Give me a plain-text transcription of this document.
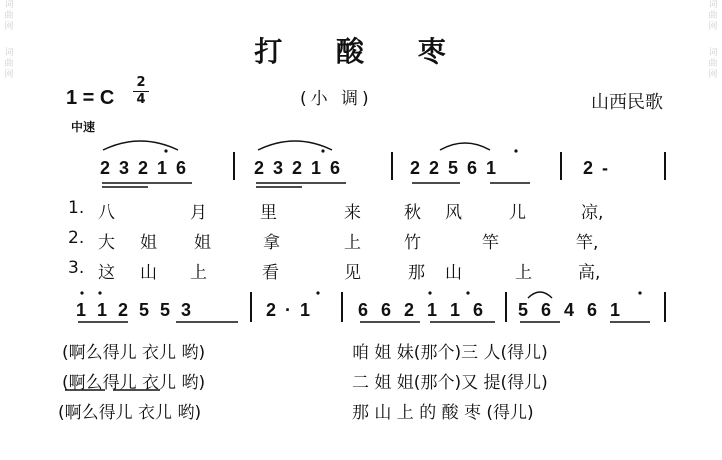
词曲网
词曲网
词曲网
词曲网
打 酸 枣
1 = C
2
4	(小 调)	山西民歌
中速
2 3 2 1 6	2 3 2 1 6	2 2 5 6 1	2 -
1. 八	月	里	来	秋 风	儿	凉,
2. 大 姐 姐	拿	上	竹	竿	竿,
3. 这 山 上	看	见	那 山	上	高,
1 1 2 5 5 3	2 · 1	6 6 2 1 1 6 5 6 4 6 1
(啊么得儿 衣儿 哟)	咱 姐 妹(那个)三 人(得儿)
(啊么得儿 衣儿 哟)	二 姐 姐(那个)又 提(得儿)
(啊么得儿 衣儿 哟)	那 山 上 的 酸 枣 (得儿)
